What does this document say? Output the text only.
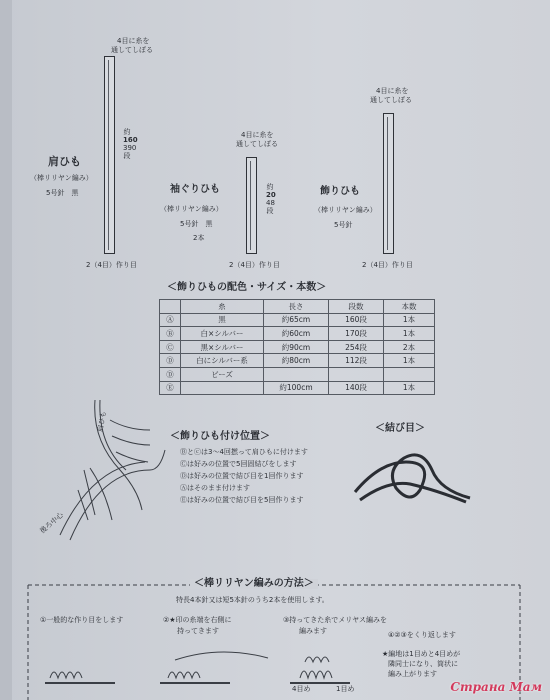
4目に糸を
通してしぼる
約
160
390
段
肩ひも
（棒リリヤン編み）
5号針　黒
2（4目）作り目
4目に糸を
通してしぼる
約
20
48
段
袖ぐりひも
（棒リリヤン編み）
5号針　黒
2本
2（4目）作り目
4目に糸を
通してしぼる
飾りひも
（棒リリヤン編み）
5号針
2（4目）作り目
＜飾りひもの配色・サイズ・本数＞
	糸	長さ	段数	本数
Ⓐ	黒	約65cm	160段	1本
Ⓑ	白×シルバー	約60cm	170段	1本
Ⓒ	黒×シルバー	約90cm	254段	2本
Ⓓ	白にシルバー系	約80cm	112段	1本
Ⓓ	ビーズ			
Ⓔ		約100cm	140段	1本
肩ひも
後ろ中心
＜飾りひも付け位置＞
Ⓑとⓒは3～4回撚って肩ひもに付けます
Ⓒは好みの位置で5回固結びをします
Ⓓは好みの位置で結び目を1回作ります
Ⓐはそのまま付けます
Ⓔは好みの位置で結び目を5回作ります
＜結び目＞
＜棒リリヤン編みの方法＞
特長4本針又は短5本針のうち2本を使用します。
①一般的な作り目をします	②★印の糸端を右側に
持ってきます
③持ってきた糸でメリヤス編みを
編みます	④②③をくり返します
★編地は1目めと4目めが
隣同士になり、筒状に
編み上がります
4目め	1目め	Страна Мам
